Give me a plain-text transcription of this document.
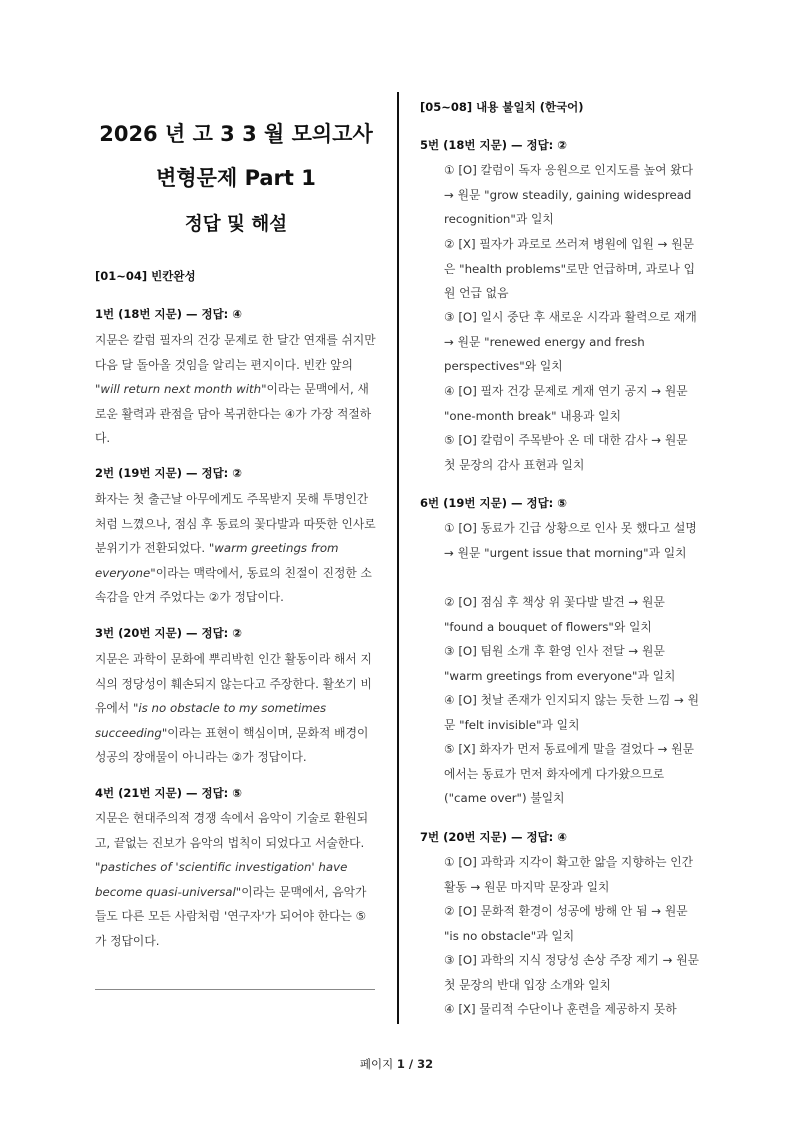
2026 년 고 3 3 월 모의고사
변형문제 Part 1
정답 및 해설
[01~04] 빈칸완성
1번 (18번 지문) — 정답: ④
지문은 칼럼 필자의 건강 문제로 한 달간 연재를 쉬지만 다음 달 돌아올 것임을 알리는 편지이다. 빈칸 앞의 "will return next month with"이라는 문맥에서, 새로운 활력과 관점을 담아 복귀한다는 ④가 가장 적절하다.
2번 (19번 지문) — 정답: ②
화자는 첫 출근날 아무에게도 주목받지 못해 투명인간처럼 느꼈으나, 점심 후 동료의 꽃다발과 따뜻한 인사로 분위기가 전환되었다. "warm greetings from everyone"이라는 맥락에서, 동료의 친절이 진정한 소속감을 안겨 주었다는 ②가 정답이다.
3번 (20번 지문) — 정답: ②
지문은 과학이 문화에 뿌리박힌 인간 활동이라 해서 지식의 정당성이 훼손되지 않는다고 주장한다. 활쏘기 비유에서 "is no obstacle to my sometimes succeeding"이라는 표현이 핵심이며, 문화적 배경이 성공의 장애물이 아니라는 ②가 정답이다.
4번 (21번 지문) — 정답: ⑤
지문은 현대주의적 경쟁 속에서 음악이 기술로 환원되고, 끝없는 진보가 음악의 법칙이 되었다고 서술한다. "pastiches of 'scientific investigation' have become quasi-universal"이라는 문맥에서, 음악가들도 다른 모든 사람처럼 '연구자'가 되어야 한다는 ⑤가 정답이다.
[05~08] 내용 불일치 (한국어)
5번 (18번 지문) — 정답: ②
① [O] 칼럼이 독자 응원으로 인지도를 높여 왔다 → 원문 "grow steadily, gaining widespread recognition"과 일치
② [X] 필자가 과로로 쓰러져 병원에 입원 → 원문은 "health problems"로만 언급하며, 과로나 입원 언급 없음
③ [O] 일시 중단 후 새로운 시각과 활력으로 재개 → 원문 "renewed energy and fresh perspectives"와 일치
④ [O] 필자 건강 문제로 게재 연기 공지 → 원문 "one-month break" 내용과 일치
⑤ [O] 칼럼이 주목받아 온 데 대한 감사 → 원문 첫 문장의 감사 표현과 일치
6번 (19번 지문) — 정답: ⑤
① [O] 동료가 긴급 상황으로 인사 못 했다고 설명 → 원문 "urgent issue that morning"과 일치
② [O] 점심 후 책상 위 꽃다발 발견 → 원문 "found a bouquet of flowers"와 일치
③ [O] 팀원 소개 후 환영 인사 전달 → 원문 "warm greetings from everyone"과 일치
④ [O] 첫날 존재가 인지되지 않는 듯한 느낌 → 원문 "felt invisible"과 일치
⑤ [X] 화자가 먼저 동료에게 말을 걸었다 → 원문에서는 동료가 먼저 화자에게 다가왔으므로 ("came over") 불일치
7번 (20번 지문) — 정답: ④
① [O] 과학과 지각이 확고한 앎을 지향하는 인간 활동 → 원문 마지막 문장과 일치
② [O] 문화적 환경이 성공에 방해 안 됨 → 원문 "is no obstacle"과 일치
③ [O] 과학의 지식 정당성 손상 주장 제기 → 원문 첫 문장의 반대 입장 소개와 일치
④ [X] 물리적 수단이나 훈련을 제공하지 못하
페이지 1 / 32
